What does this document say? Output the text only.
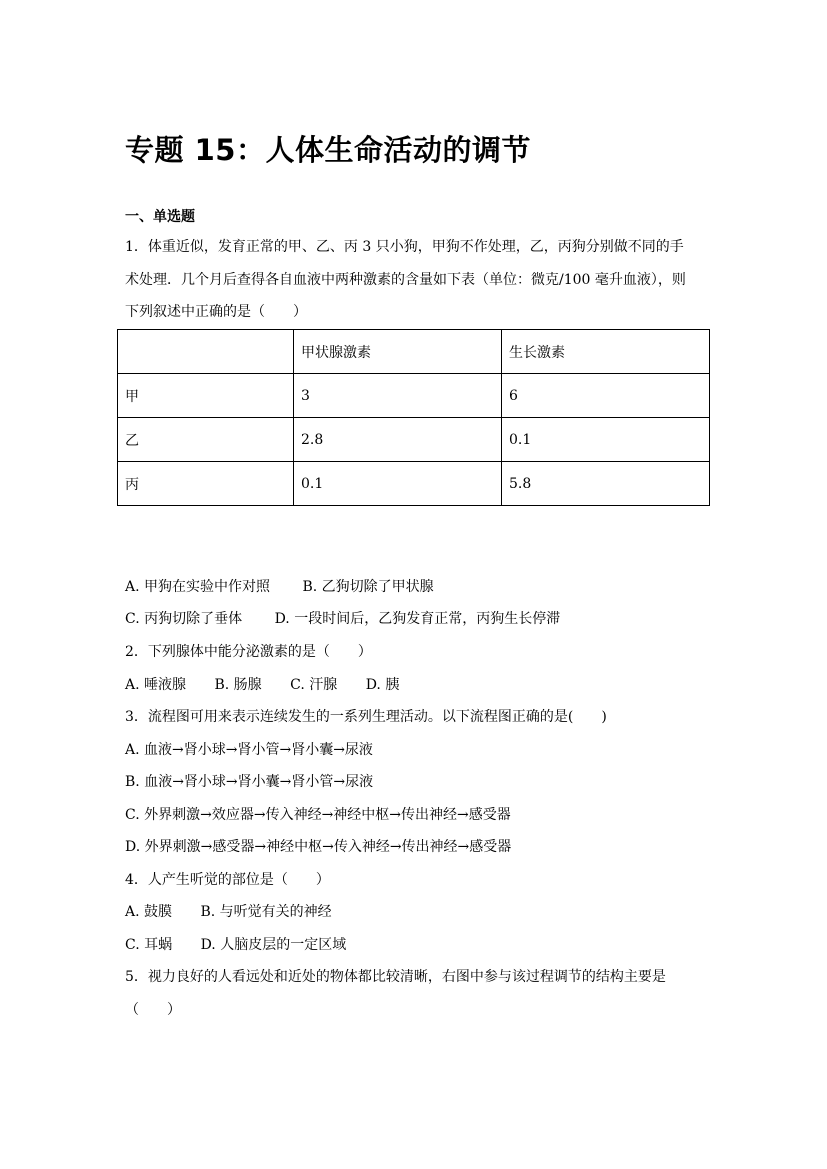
专题 15：人体生命活动的调节
一、单选题
1．体重近似，发育正常的甲、乙、丙 3 只小狗，甲狗不作处理，乙，丙狗分别做不同的手
术处理．几个月后查得各自血液中两种激素的含量如下表（单位：微克/100 毫升血液），则
下列叙述中正确的是（　　）
	甲状腺激素	生长激素
甲	3	6
乙	2.8	0.1
丙	0.1	5.8
A. 甲狗在实验中作对照 B. 乙狗切除了甲状腺
C. 丙狗切除了垂体 D. 一段时间后，乙狗发育正常，丙狗生长停滞
2．下列腺体中能分泌激素的是（　　）
A. 唾液腺 B. 肠腺 C. 汗腺 D. 胰
3．流程图可用来表示连续发生的一系列生理活动。以下流程图正确的是(　　)
A. 血液→肾小球→肾小管→肾小囊→尿液
B. 血液→肾小球→肾小囊→肾小管→尿液
C. 外界刺激→效应器→传入神经→神经中枢→传出神经→感受器
D. 外界刺激→感受器→神经中枢→传入神经→传出神经→感受器
4．人产生听觉的部位是（　　）
A. 鼓膜 B. 与听觉有关的神经
C. 耳蜗 D. 人脑皮层的一定区域
5．视力良好的人看远处和近处的物体都比较清晰，右图中参与该过程调节的结构主要是
（　　）
